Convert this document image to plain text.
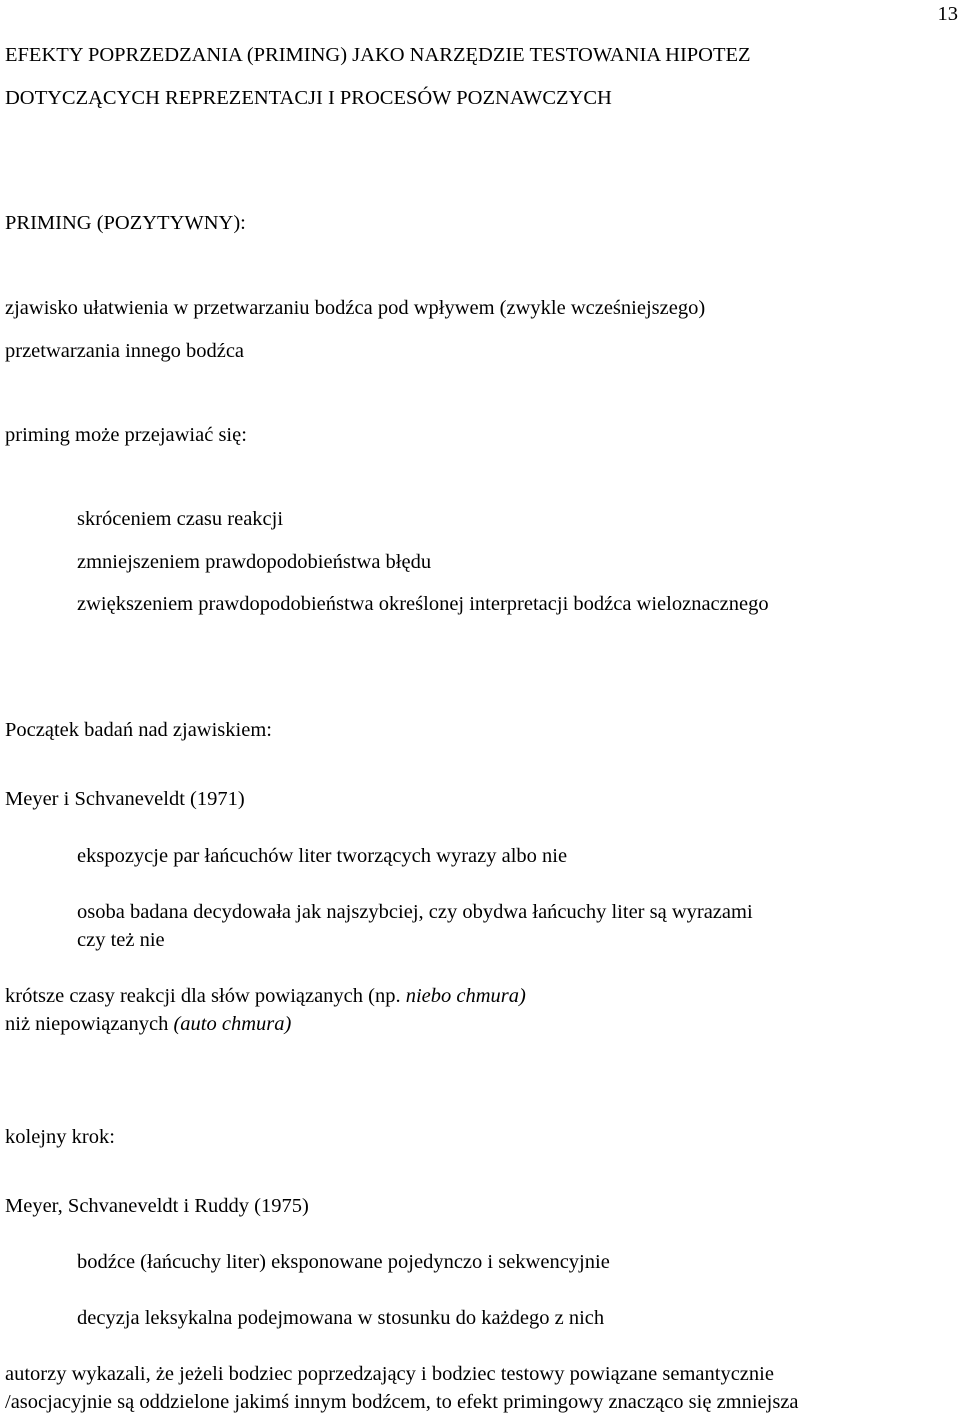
13

EFEKTY POPRZEDZANIA (PRIMING) JAKO NARZĘDZIE TESTOWANIA HIPOTEZ

DOTYCZĄCYCH REPREZENTACJI I PROCESÓW POZNAWCZYCH

PRIMING (POZYTYWNY):

zjawisko ułatwienia w przetwarzaniu bodźca pod wpływem (zwykle wcześniejszego)

przetwarzania innego bodźca

priming może przejawiać się:

skróceniem czasu reakcji

zmniejszeniem prawdopodobieństwa błędu

zwiększeniem prawdopodobieństwa określonej interpretacji bodźca wieloznacznego

Początek badań nad zjawiskiem:

Meyer i Schvaneveldt (1971)

ekspozycje par łańcuchów liter tworzących wyrazy albo nie

osoba badana decydowała jak najszybciej, czy obydwa łańcuchy liter są wyrazami

czy też nie

krótsze czasy reakcji dla słów powiązanych (np. niebo chmura)

niż niepowiązanych (auto chmura)

kolejny krok:

Meyer, Schvaneveldt i Ruddy (1975)

bodźce (łańcuchy liter) eksponowane pojedynczo i sekwencyjnie

decyzja leksykalna podejmowana w stosunku do każdego z nich

autorzy wykazali, że jeżeli bodziec poprzedzający i bodziec testowy powiązane semantycznie

/asocjacyjnie są oddzielone jakimś innym bodźcem, to efekt primingowy znacząco się zmniejsza
